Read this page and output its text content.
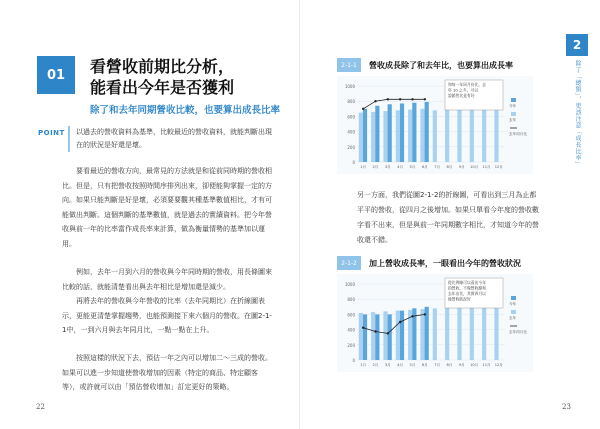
01	看營收前期比分析，
能看出今年是否獲利
除了和去年同期營收比較，也要算出成長比率
POINT 以過去的營收資料為基準，比較最近的營收資料，就能判斷出現在的狀況是好還是壞。
要看最近的營收方向，最常見的方法就是和從前同時期的營收相比。但是，只有把營收按照時間序排列出來，卻便能夠掌握一定的方向。如果只能判斷是好是壞，必須要要觀其種基準數值相比，才有可能做出判斷。這個判斷的基準數值，就是過去的實績資料。把今年營收與前一年的比率當作成長率來計算，做為衡量情勢的基準加以運用。
例如，去年一月到六月的營收與今年同時期的營收，用長條圖來比較的話，就能清楚看出與去年相比是增加還是減少。
再將去年的營收與今年營收的比率（去年同期比）在折線圖表示，更能更清楚掌握趨勢，也能預測接下來六個月的營收。在圖2-1-1中，一到六月與去年同月比，一點一點在上升。
按照這樣的狀況下去，預估一年之內可以增加二～三成的營收。如果可以進一步知道使營收增加的因素（特定的商品、特定顧客等），或許就可以由「預估營收增加」訂定更好的策略。
22
2
除了「總額」，更該注意「成長比率」
2-1-1	營收成長除了和去年比，也要算出成長率
0
200
400
600
800
1000
1月 2月 3月 4月 5月 6月 7月 8月 9月 10月 11月 12月
和每一年同月份比，去
年 10 之多，可以
說銷售比是有好
今年
去年
去年同月比
另一方面，我們從圖2-1-2的折線圖，可看出到三月為止都平平的營收，從四月之後增加。如果只單看今年度的營收數字看不出來，但是與前一年同期數字相比，才知道今年的營收還不錯。
2-1-2	加上營收成長率，一眼看出今年的營收狀況
0
200
400
600
800
1000
1月 2月 3月 4月 5月 6月 7月 8月 9月 10月 11月 12月
從比例線可以看出今年
的營收，不像營收額和
去年出比，其實四月以
後營收狀況好
今年
去年
去年同月比
23
